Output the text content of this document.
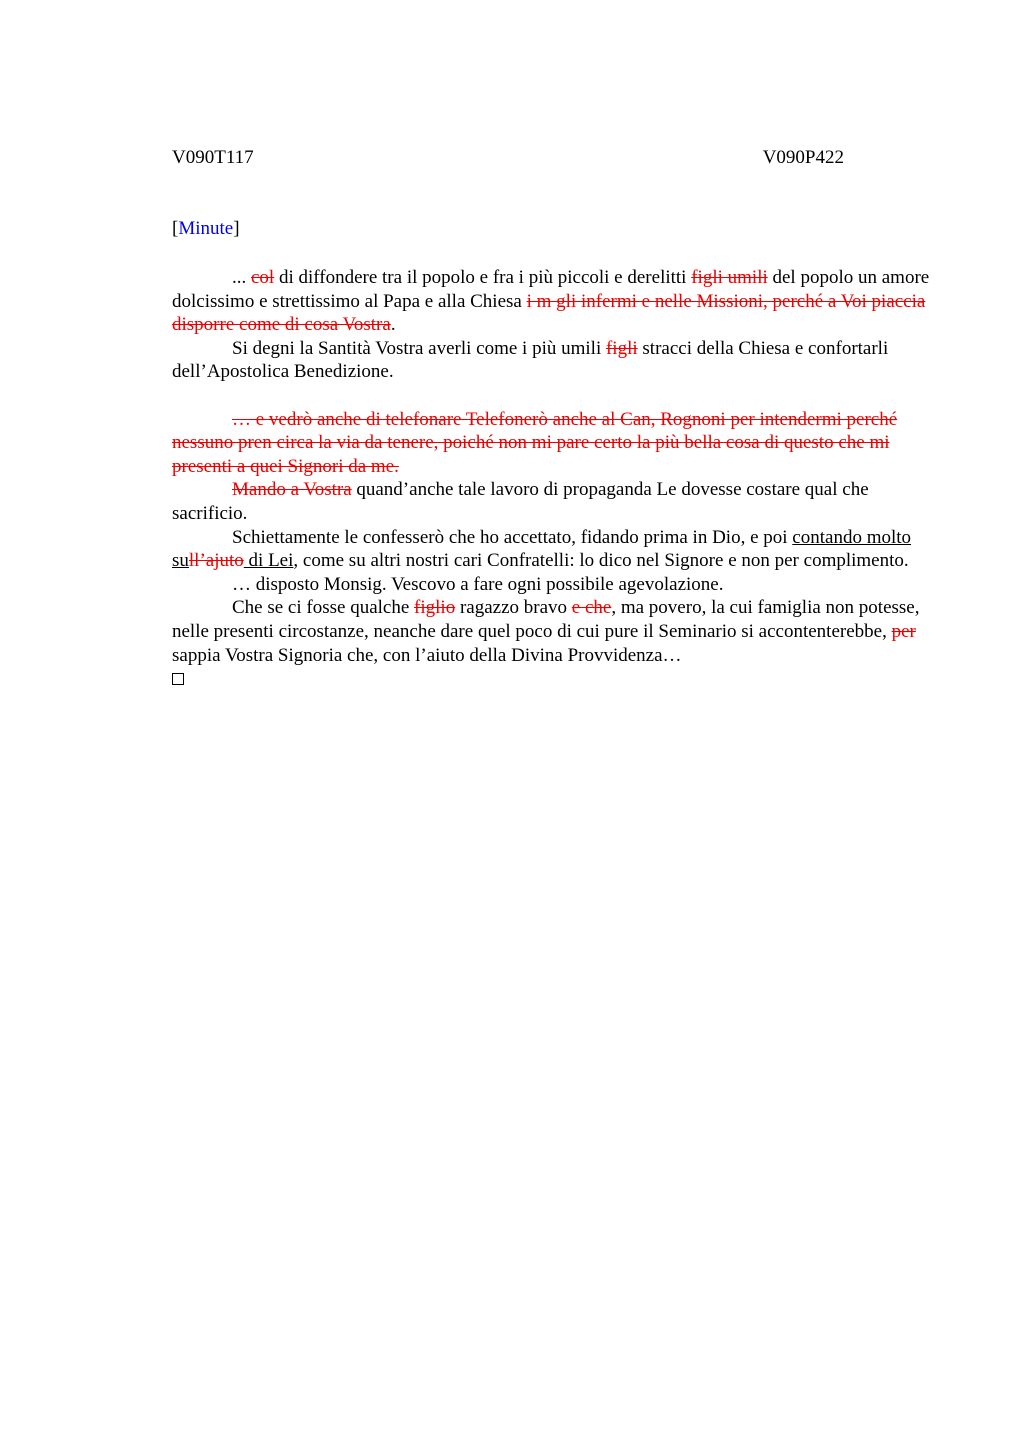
V090T117	V090P422
[Minute]

... col di diffondere tra il popolo e fra i più piccoli e derelitti figli umili del popolo un amore dolcissimo e strettissimo al Papa e alla Chiesa i m gli infermi e nelle Missioni, perché a Voi piaccia disporre come di cosa Vostra.

Si degni la Santità Vostra averli come i più umili figli stracci della Chiesa e confortarli dell’Apostolica Benedizione.

… e vedrò anche di telefonare Telefonerò anche al Can, Rognoni per intendermi perché nessuno pren circa la via da tenere, poiché non mi pare certo la più bella cosa di questo che mi presenti a quei Signori da me.

Mando a Vostra quand’anche tale lavoro di propaganda Le dovesse costare qual che sacrificio.

Schiettamente le confesserò che ho accettato, fidando prima in Dio, e poi contando molto sull’ajuto di Lei, come su altri nostri cari Confratelli: lo dico nel Signore e non per complimento.

… disposto Monsig. Vescovo a fare ogni possibile agevolazione.

Che se ci fosse qualche figlio ragazzo bravo e che, ma povero, la cui famiglia non potesse, nelle presenti circostanze, neanche dare quel poco di cui pure il Seminario si accontenterebbe, per sappia Vostra Signoria che, con l’aiuto della Divina Provvidenza…
